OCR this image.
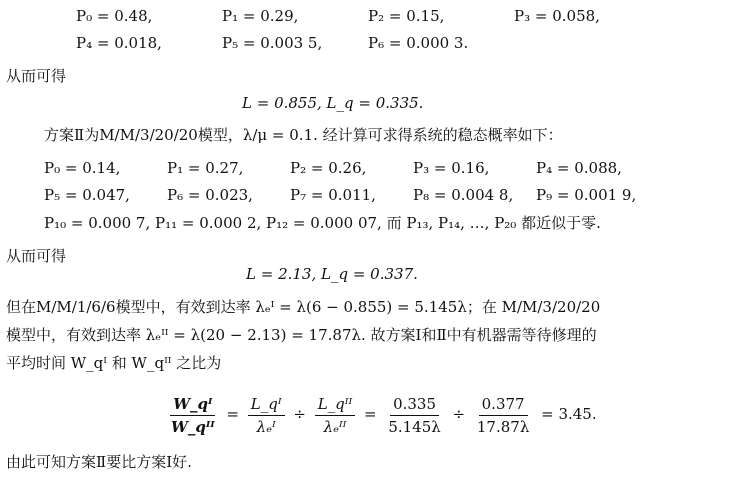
P₀ = 0.48,	P₁ = 0.29,	P₂ = 0.15,	P₃ = 0.058,
P₄ = 0.018,	P₅ = 0.003 5,	P₆ = 0.000 3.
从而可得
L = 0.855, L_q = 0.335.
方案Ⅱ为M/M/3/20/20模型，λ/μ = 0.1. 经计算可求得系统的稳态概率如下：
P₀ = 0.14,	P₁ = 0.27,	P₂ = 0.26,	P₃ = 0.16,	P₄ = 0.088,
P₅ = 0.047, P₆ = 0.023, P₇ = 0.011, P₈ = 0.004 8, P₉ = 0.001 9,
P₁₀ = 0.000 7, P₁₁ = 0.000 2, P₁₂ = 0.000 07, 而 P₁₃, P₁₄, …, P₂₀ 都近似于零.
从而可得
L = 2.13, L_q = 0.337.
但在M/M/1/6/6模型中，有效到达率 λₑᴵ = λ(6 − 0.855) = 5.145λ；在 M/M/3/20/20
模型中，有效到达率 λₑᴵᴵ = λ(20 − 2.13) = 17.87λ. 故方案Ⅰ和Ⅱ中有机器需等待修理的
平均时间 W_qᴵ 和 W_qᴵᴵ 之比为
$\frac{\text{W\_qᴵ}}{\text{W\_qᴵᴵ}} = \frac{\text{L\_qᴵ}}{\text{λₑᴵ}} \div \frac{\text{L\_qᴵᴵ}}{\text{λₑᴵᴵ}} = \frac{0.335}{5.145\lambda} \div \frac{0.377}{17.87\lambda} = 3.45$.
由此可知方案Ⅱ要比方案Ⅰ好.
